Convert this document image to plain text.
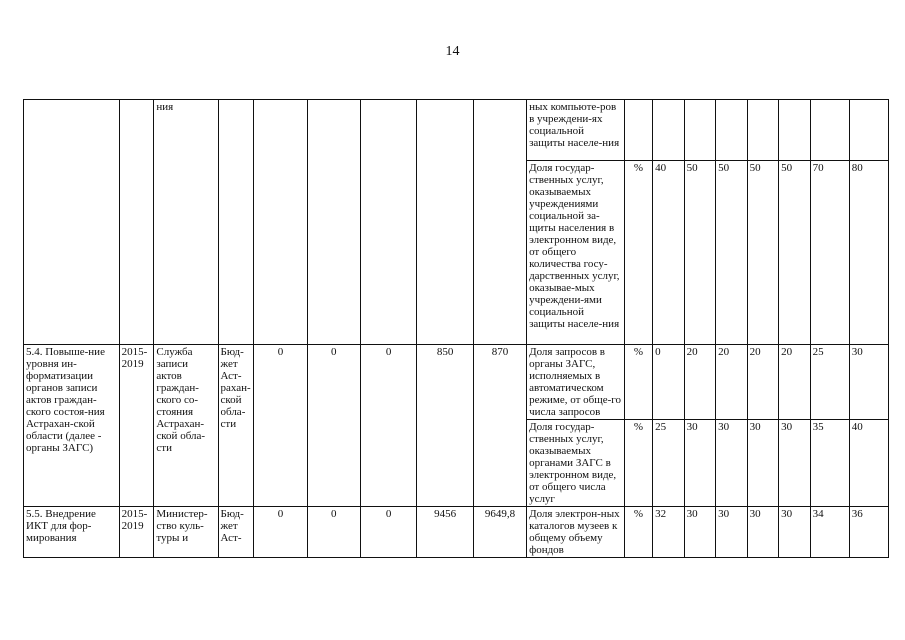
14
		ния							ных компьюте-ров в учреждени-ях социальной защиты населе-ния								
									Доля государ-ственных услуг, оказываемых учреждениями социальной за-щиты населения в электронном виде, от общего количества госу-дарственных услуг, оказывае-мых учреждени-ями социальной защиты населе-ния	%	40	50	50	50	50	70	80
5.4. Повыше-ние уровня ин-форматизации органов записи актов граждан-ского состоя-ния Астрахан-ской области (далее - органы ЗАГС)	2015-2019	Служба записи актов граждан-ского со-стояния Астрахан-ской обла-сти	Бюд-жет Аст-рахан-ской обла-сти	0	0	0	850	870	Доля запросов в органы ЗАГС, исполняемых в автоматическом режиме, от обще-го числа запросов	%	0	20	20	20	20	25	30
									Доля государ-ственных услуг, оказываемых органами ЗАГС в электронном виде, от общего числа услуг	%	25	30	30	30	30	35	40
5.5. Внедрение ИКТ для фор-мирования	2015-2019	Министер-ство куль-туры и	Бюд-жет Аст-	0	0	0	9456	9649,8	Доля электрон-ных каталогов музеев к общему объему фондов	%	32	30	30	30	30	34	36
